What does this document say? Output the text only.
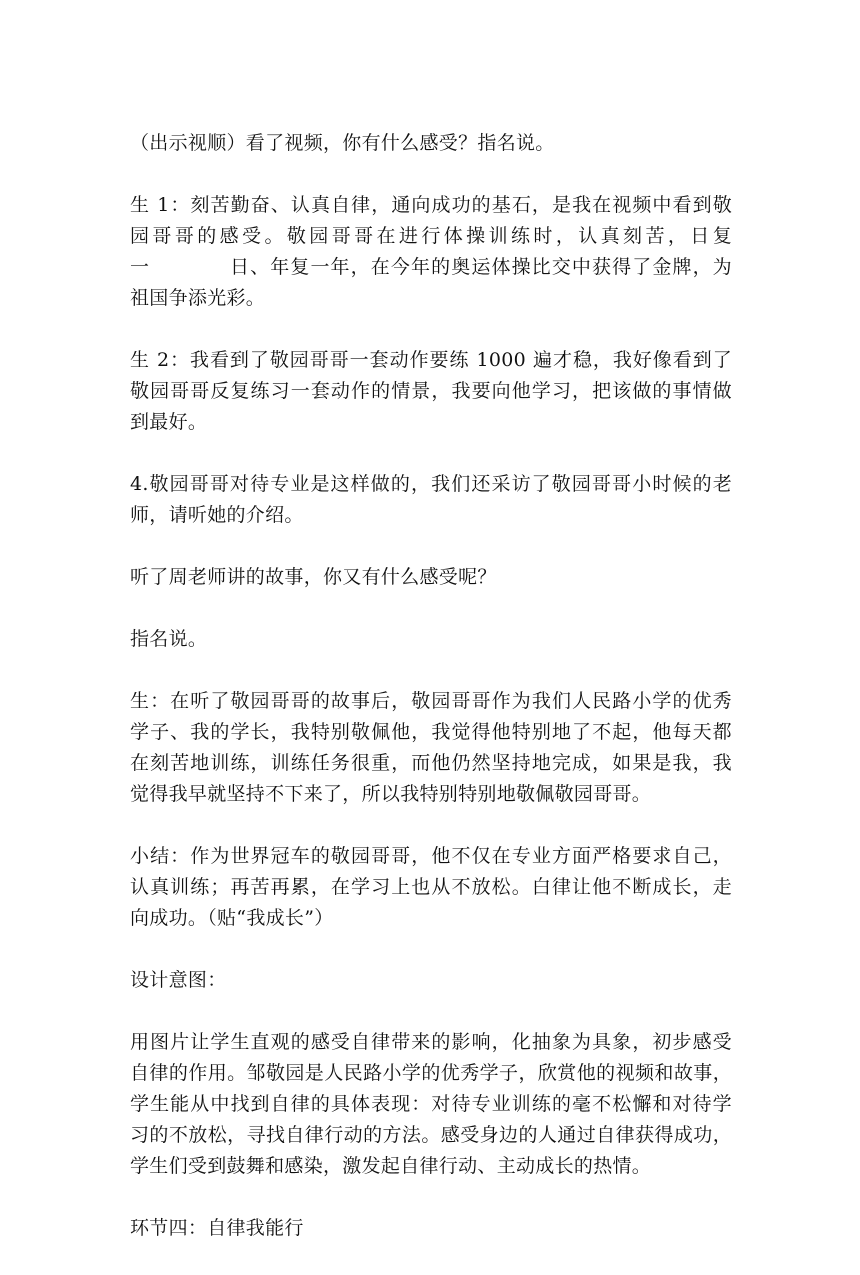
（出示视顺）看了视频，你有什么感受？指名说。

生 1：刻苦勤奋、认真自律，通向成功的基石，是我在视频中看到敬
园哥哥的感受。敬园哥哥在进行体操训练时，认真刻苦，日复
一	日、年复一年，在今年的奥运体操比交中获得了金牌，为
祖国争添光彩。

生 2：我看到了敬园哥哥一套动作要练 1000 遍才稳，我好像看到了
敬园哥哥反复练习一套动作的情景，我要向他学习，把该做的事情做
到最好。

4.敬园哥哥对待专业是这样做的，我们还采访了敬园哥哥小时候的老
师，请听她的介绍。

听了周老师讲的故事，你又有什么感受呢？

指名说。

生：在听了敬园哥哥的故事后，敬园哥哥作为我们人民路小学的优秀
学子、我的学长，我特别敬佩他，我觉得他特别地了不起，他每天都
在刻苦地训练，训练任务很重，而他仍然坚持地完成，如果是我，我
觉得我早就坚持不下来了，所以我特别特别地敬佩敬园哥哥。

小结：作为世界冠车的敬园哥哥，他不仅在专业方面严格要求自己，
认真训练；再苦再累，在学习上也从不放松。白律让他不断成长，走
向成功。（贴“我成长”）

设计意图：

用图片让学生直观的感受自律带来的影响，化抽象为具象，初步感受
自律的作用。邹敬园是人民路小学的优秀学子，欣赏他的视频和故事，
学生能从中找到自律的具体表现：对待专业训练的毫不松懈和对待学
习的不放松，寻找自律行动的方法。感受身边的人通过自律获得成功，
学生们受到鼓舞和感染，激发起自律行动、主动成长的热情。

环节四：自律我能行
